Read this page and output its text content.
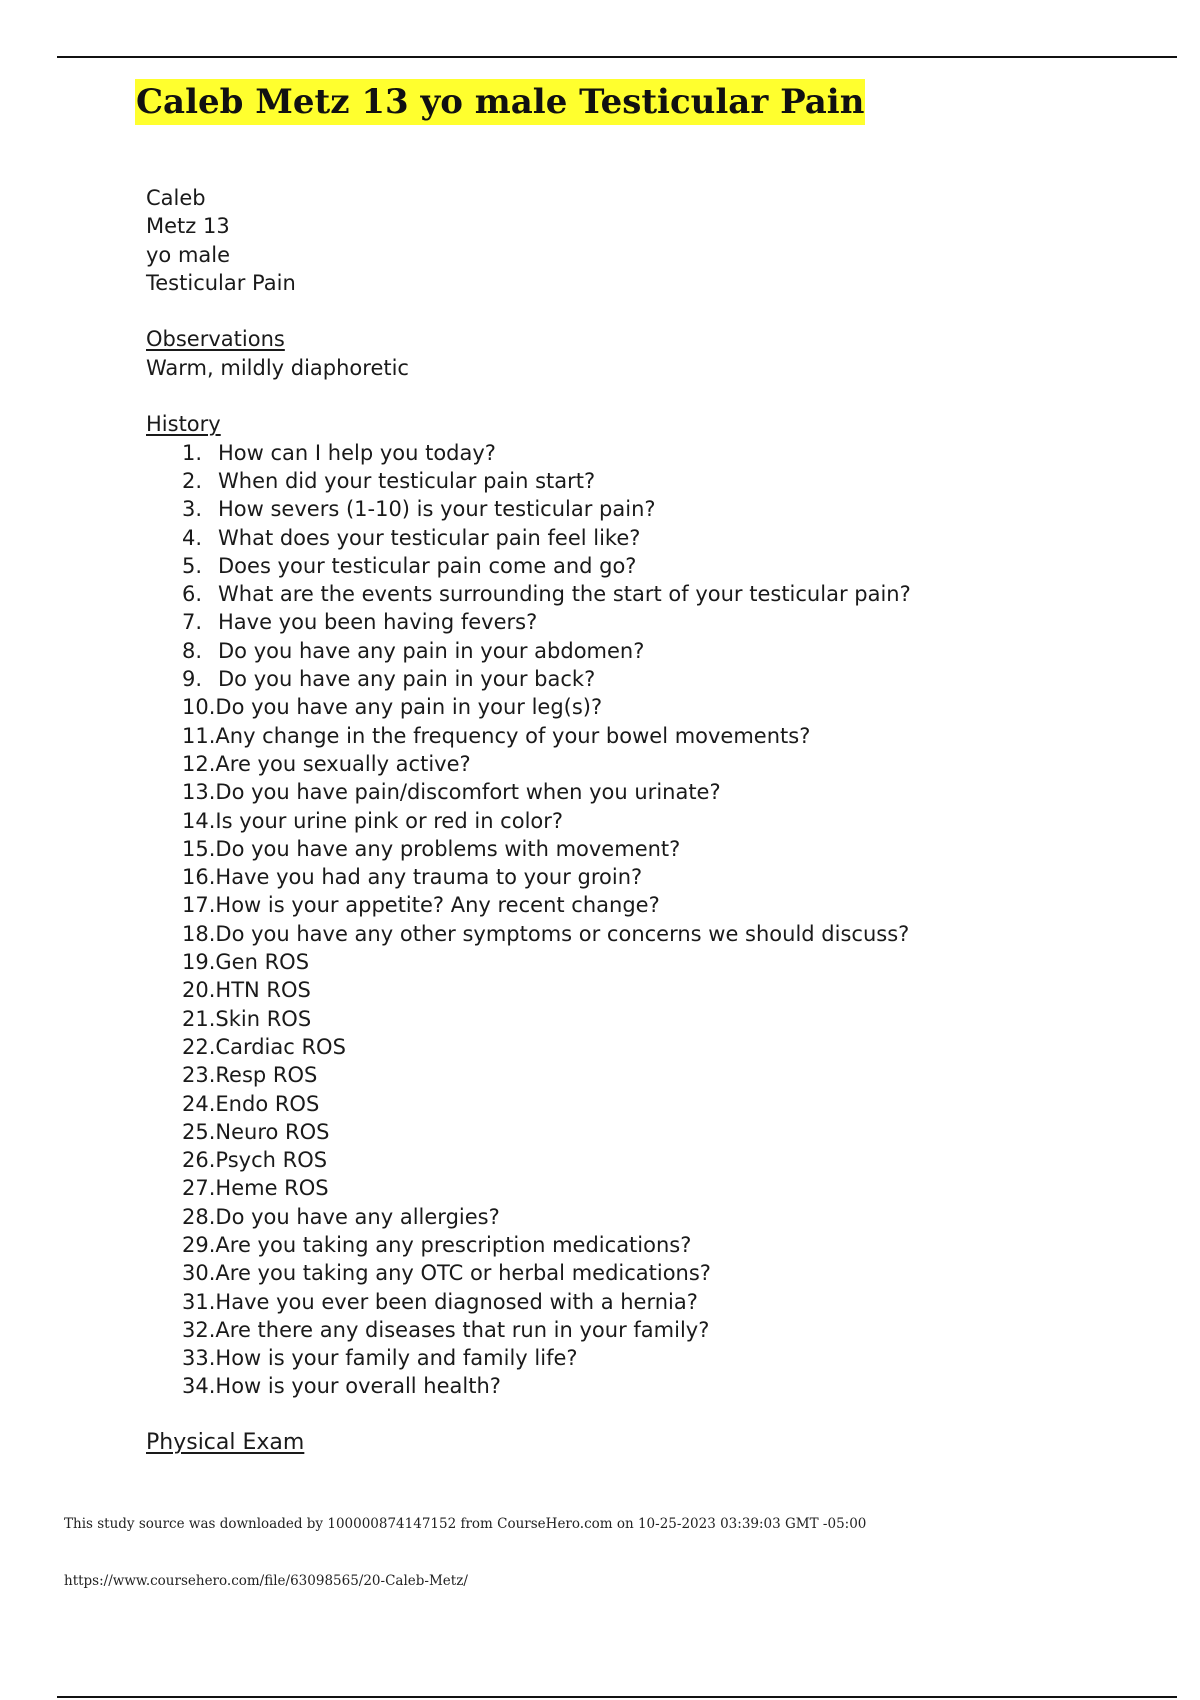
Caleb Metz 13 yo male Testicular Pain
Caleb
Metz 13
yo male
Testicular Pain
Observations
Warm, mildly diaphoretic
History
1. How can I help you today?
2. When did your testicular pain start?
3. How severs (1-10) is your testicular pain?
4. What does your testicular pain feel like?
5. Does your testicular pain come and go?
6. What are the events surrounding the start of your testicular pain?
7. Have you been having fevers?
8. Do you have any pain in your abdomen?
9. Do you have any pain in your back?
10. Do you have any pain in your leg(s)?
11. Any change in the frequency of your bowel movements?
12. Are you sexually active?
13. Do you have pain/discomfort when you urinate?
14. Is your urine pink or red in color?
15. Do you have any problems with movement?
16. Have you had any trauma to your groin?
17. How is your appetite? Any recent change?
18. Do you have any other symptoms or concerns we should discuss?
19. Gen ROS
20. HTN ROS
21. Skin ROS
22. Cardiac ROS
23. Resp ROS
24. Endo ROS
25. Neuro ROS
26. Psych ROS
27. Heme ROS
28. Do you have any allergies?
29. Are you taking any prescription medications?
30. Are you taking any OTC or herbal medications?
31. Have you ever been diagnosed with a hernia?
32. Are there any diseases that run in your family?
33. How is your family and family life?
34. How is your overall health?
Physical Exam
This study source was downloaded by 100000874147152 from CourseHero.com on 10-25-2023 03:39:03 GMT -05:00
https://www.coursehero.com/file/63098565/20-Caleb-Metz/
